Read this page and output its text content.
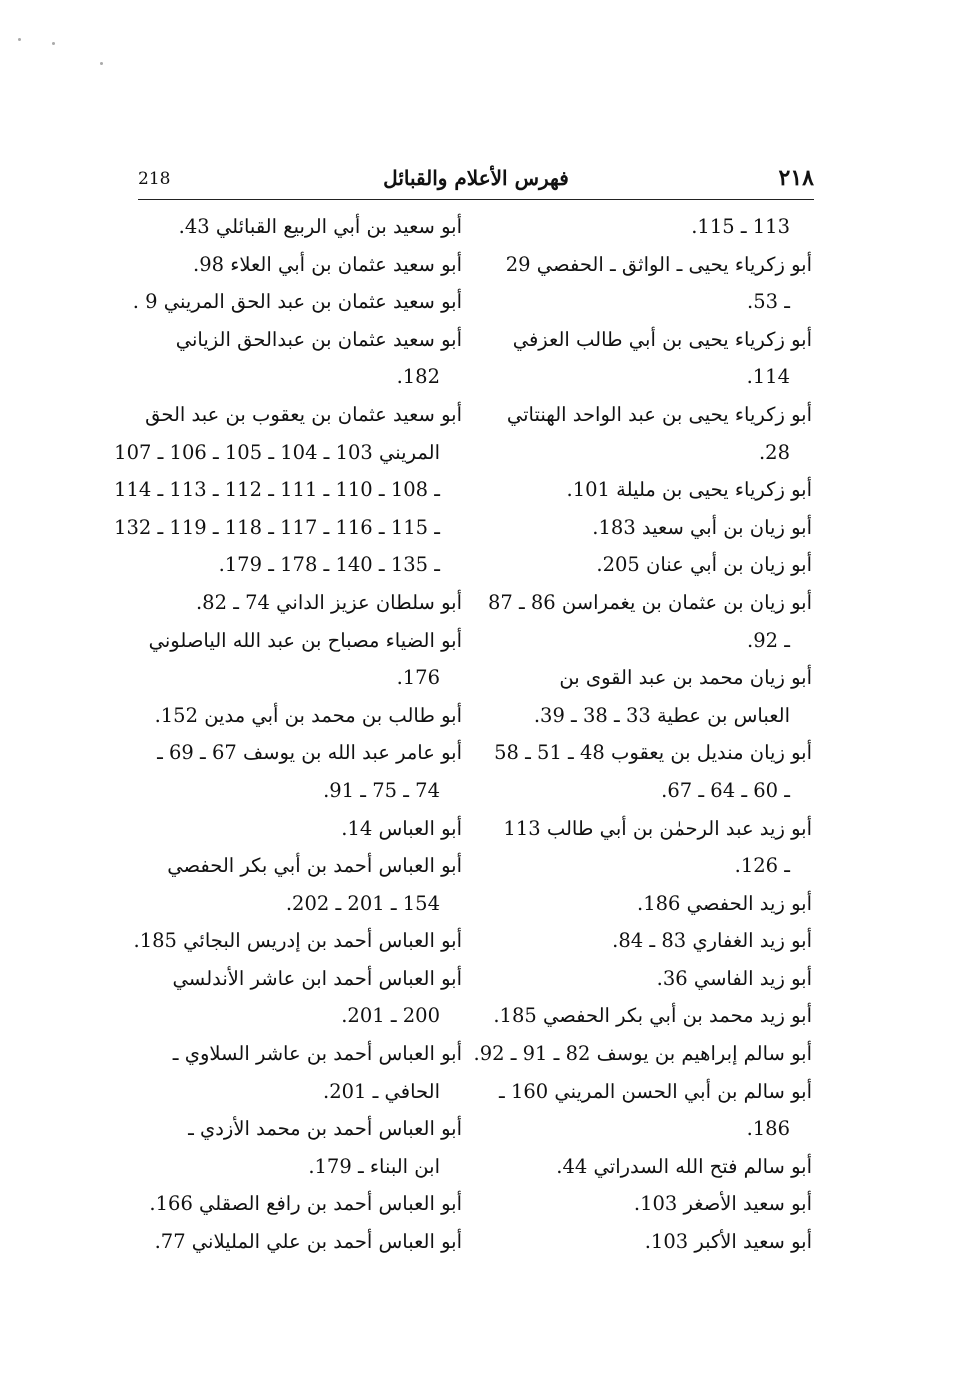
٢١٨
فهرس الأعلام والقبائل
218
113 ـ 115.
أبو زكرياء يحيى ـ الواثق ـ الحفصي 29
ـ 53.
أبو زكرياء يحيى بن أبي طالب العزفي
114.
أبو زكرياء يحيى بن عبد الواحد الهنتاتي
28.
أبو زكرياء يحيى بن مليلة 101.
أبو زيان بن أبي سعيد 183.
أبو زيان بن أبي عنان 205.
أبو زيان بن عثمان بن يغمراسن 86 ـ 87
ـ 92.
أبو زيان محمد بن عبد القوى بن
العباس بن عطية 33 ـ 38 ـ 39.
أبو زيان منديل بن يعقوب 48 ـ 51 ـ 58
ـ 60 ـ 64 ـ 67.
أبو زيد عبد الرحمٰن بن أبي طالب 113
ـ 126.
أبو زيد الحفصي 186.
أبو زيد الغفاري 83 ـ 84.
أبو زيد الفاسي 36.
أبو زيد محمد بن أبي بكر الحفصي 185.
أبو سالم إبراهيم بن يوسف 82 ـ 91 ـ 92.
أبو سالم بن أبي الحسن المريني 160 ـ
186.
أبو سالم فتح الله السدراتي 44.
أبو سعيد الأصغر 103.
أبو سعيد الأكبر 103.
أبو سعيد بن أبي الربيع القبائلي 43.
أبو سعيد عثمان بن أبي العلاء 98.
أبو سعيد عثمان بن عبد الحق المريني 9 .
أبو سعيد عثمان بن عبدالحق الزياني
182.
أبو سعيد عثمان بن يعقوب بن عبد الحق
المريني 103 ـ 104 ـ 105 ـ 106 ـ 107
ـ 108 ـ 110 ـ 111 ـ 112 ـ 113 ـ 114
ـ 115 ـ 116 ـ 117 ـ 118 ـ 119 ـ 132
ـ 135 ـ 140 ـ 178 ـ 179.
أبو سلطان عزيز الداني 74 ـ 82.
أبو الضياء مصباح بن عبد الله الياصلوني
176.
أبو طالب بن محمد بن أبي مدين 152.
أبو عامر عبد الله بن يوسف 67 ـ 69 ـ
74 ـ 75 ـ 91.
أبو العباس 14.
أبو العباس أحمد بن أبي بكر الحفصي
154 ـ 201 ـ 202.
أبو العباس أحمد بن إدريس البجائي 185.
أبو العباس أحمد ابن عاشر الأندلسي
200 ـ 201.
أبو العباس أحمد بن عاشر السلاوي ـ
الحافي ـ 201.
أبو العباس أحمد بن محمد الأزدي ـ
ابن البناء ـ 179.
أبو العباس أحمد بن رافع الصقلي 166.
أبو العباس أحمد بن علي المليلاني 77.
